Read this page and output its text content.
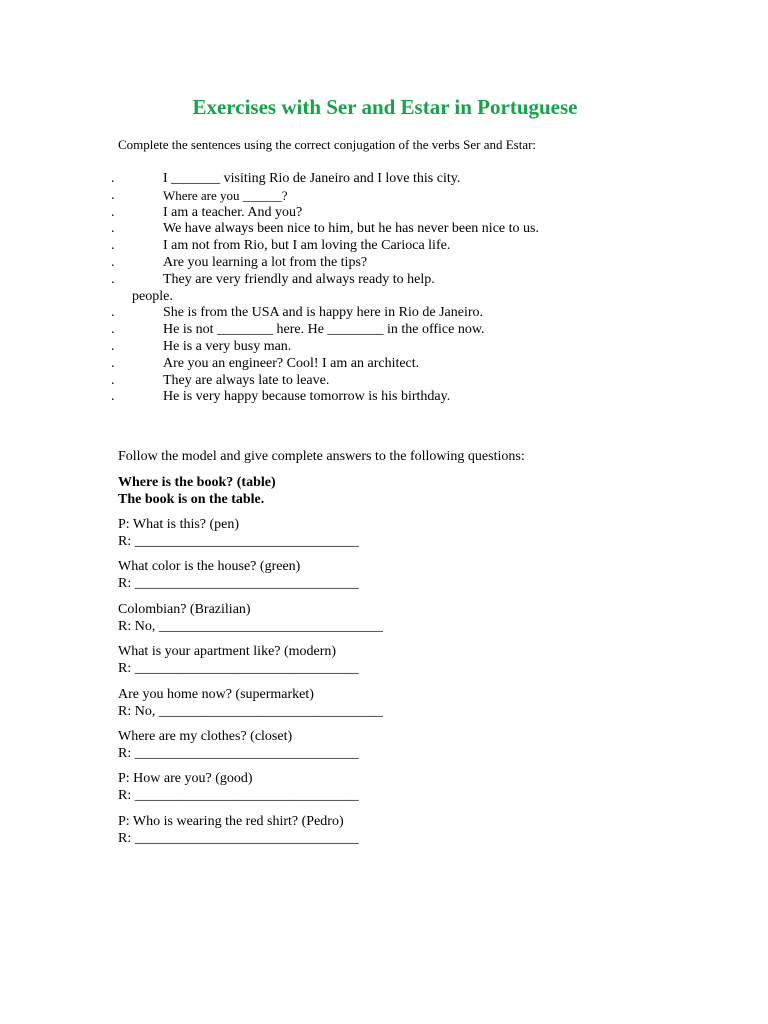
Exercises with Ser and Estar in Portuguese

Complete the sentences using the correct conjugation of the verbs Ser and Estar:

.	I _______ visiting Rio de Janeiro and I love this city.
.	Where are you ______?
.	I am a teacher. And you?
.	We have always been nice to him, but he has never been nice to us.
.	I am not from Rio, but I am loving the Carioca life.
.	Are you learning a lot from the tips?
.	They are very friendly and always ready to help.
people.
.	She is from the USA and is happy here in Rio de Janeiro.
.	He is not ________ here. He ________ in the office now.
.	He is a very busy man.
.	Are you an engineer? Cool! I am an architect.
.	They are always late to leave.
.	He is very happy because tomorrow is his birthday.

Follow the model and give complete answers to the following questions:

Where is the book? (table)
The book is on the table.
P: What is this? (pen)
R: ________________________________
What color is the house? (green)
R: ________________________________
Colombian? (Brazilian)
R: No, ________________________________
What is your apartment like? (modern)
R: ________________________________
Are you home now? (supermarket)
R: No, ________________________________
Where are my clothes? (closet)
R: ________________________________
P: How are you? (good)
R: ________________________________
P: Who is wearing the red shirt? (Pedro)
R: ________________________________
